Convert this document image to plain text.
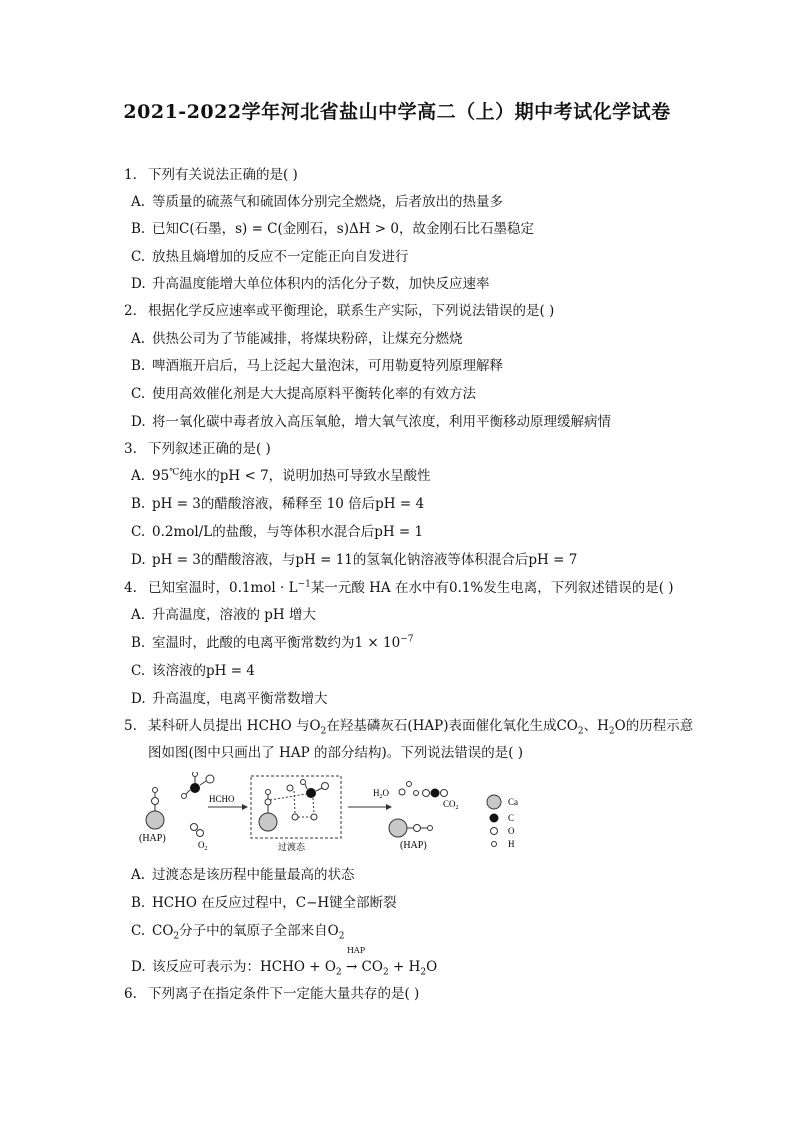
2021-2022学年河北省盐山中学高二（上）期中考试化学试卷
1. 下列有关说法正确的是( )
A. 等质量的硫蒸气和硫固体分别完全燃烧，后者放出的热量多
B. 已知C(石墨，s) = C(金刚石，s)ΔH > 0，故金刚石比石墨稳定
C. 放热且熵增加的反应不一定能正向自发进行
D. 升高温度能增大单位体积内的活化分子数，加快反应速率
2. 根据化学反应速率或平衡理论，联系生产实际，下列说法错误的是( )
A. 供热公司为了节能减排，将煤块粉碎，让煤充分燃烧
B. 啤酒瓶开启后，马上泛起大量泡沫，可用勒夏特列原理解释
C. 使用高效催化剂是大大提高原料平衡转化率的有效方法
D. 将一氧化碳中毒者放入高压氧舱，增大氧气浓度，利用平衡移动原理缓解病情
3. 下列叙述正确的是( )
A. 95℃纯水的pH < 7，说明加热可导致水呈酸性
B. pH = 3的醋酸溶液，稀释至 10 倍后pH = 4
C. 0.2mol/L的盐酸，与等体积水混合后pH = 1
D. pH = 3的醋酸溶液，与pH = 11的氢氧化钠溶液等体积混合后pH = 7
4. 已知室温时，$0.1mol \cdot L^{-1}$某一元酸 HA 在水中有0.1%发生电离，下列叙述错误的是( )
A. 升高温度，溶液的 pH 增大
B. 室温时，此酸的电离平衡常数约为$1 \times 10^{-7}$
C. 该溶液的pH = 4
D. 升高温度，电离平衡常数增大
5. 某科研人员提出 HCHO 与$O_2$在羟基磷灰石(HAP)表面催化氧化生成$CO_2$、$H_2O$的历程示意
图如图(图中只画出了 HAP 的部分结构)。下列说法错误的是( )
(HAP)
$O_2$
HCHO
过渡态
$H_2O$
$CO_2$
(HAP)
Ca
C
O
H
A. 过渡态是该历程中能量最高的状态
B. HCHO 在反应过程中，C−H键全部断裂
C. $CO_2$分子中的氧原子全部来自$O_2$
D. 该反应可表示为：HCHO + $O_2$
HAP
→ $CO_2 + H_2O$
6. 下列离子在指定条件下一定能大量共存的是( )
